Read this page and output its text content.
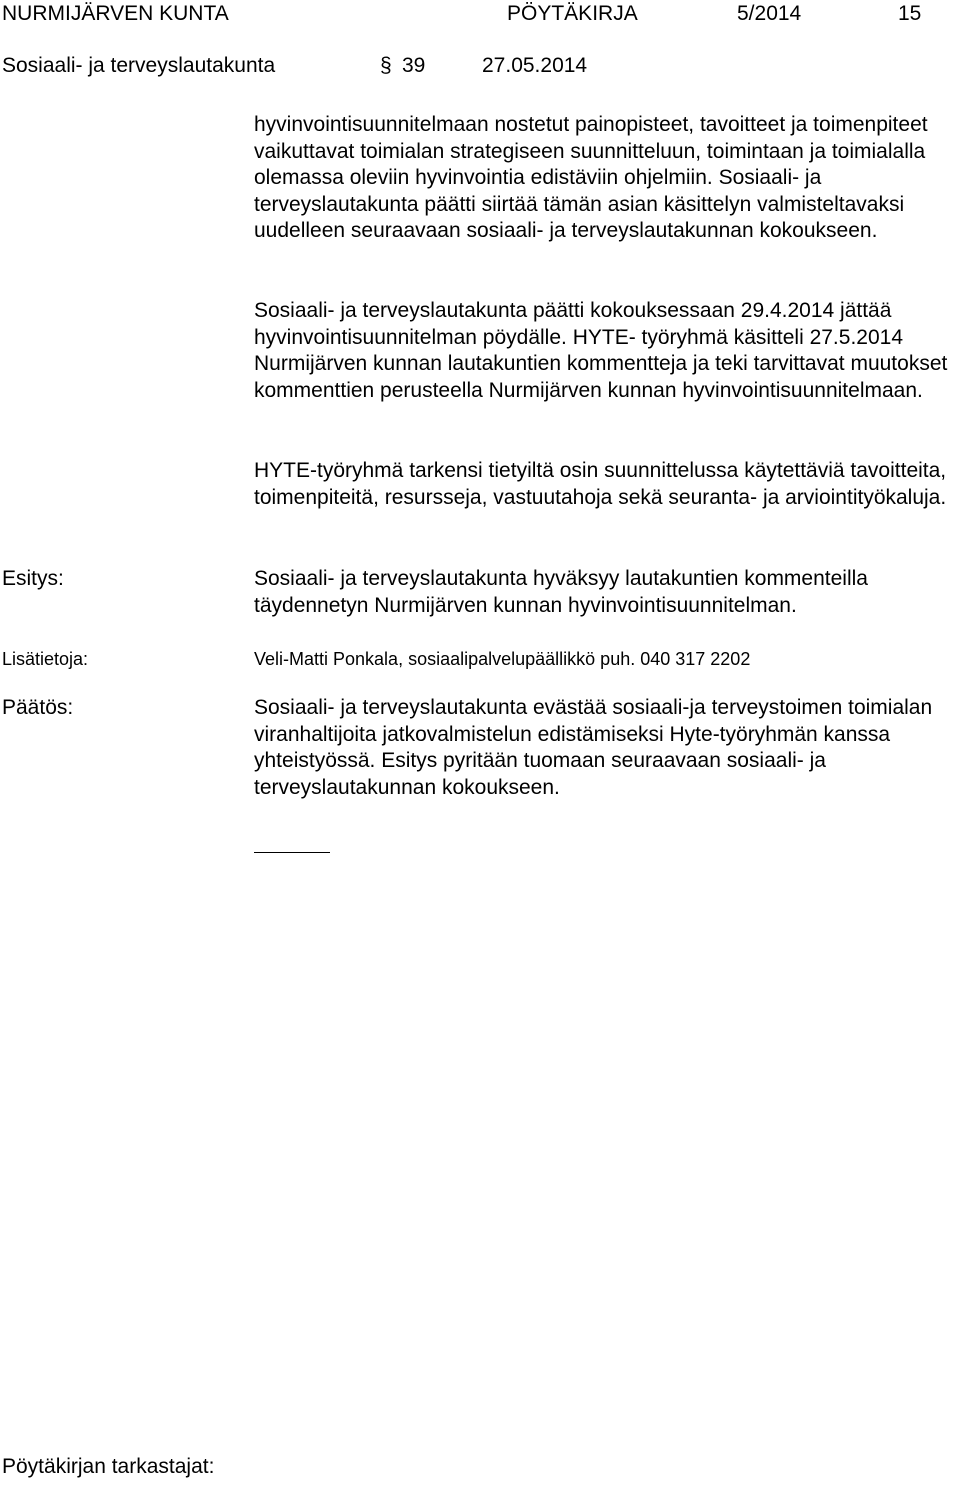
NURMIJÄRVEN KUNTA	PÖYTÄKIRJA	5/2014	15
Sosiaali- ja terveyslautakunta	§ 39	27.05.2014

hyvinvointisuunnitelmaan nostetut painopisteet, tavoitteet ja toimenpiteet vaikuttavat toimialan strategiseen suunnitteluun, toimintaan ja toimialalla olemassa oleviin hyvinvointia edistäviin ohjelmiin. Sosiaali- ja terveyslautakunta päätti siirtää tämän asian käsittelyn valmisteltavaksi uudelleen seuraavaan sosiaali- ja terveyslautakunnan kokoukseen.

Sosiaali- ja terveyslautakunta päätti kokouksessaan 29.4.2014 jättää hyvinvointisuunnitelman pöydälle. HYTE- työryhmä käsitteli 27.5.2014 Nurmijärven kunnan lautakuntien kommentteja ja teki tarvittavat muutokset kommenttien perusteella Nurmijärven kunnan hyvinvointisuunnitelmaan.

HYTE-työryhmä tarkensi tietyiltä osin suunnittelussa käytettäviä tavoitteita, toimenpiteitä, resursseja, vastuutahoja sekä seuranta- ja arviointityökaluja.

Esitys:	Sosiaali- ja terveyslautakunta hyväksyy lautakuntien kommenteilla täydennetyn Nurmijärven kunnan hyvinvointisuunnitelman.

Lisätietoja:	Veli-Matti Ponkala, sosiaalipalvelupäällikkö puh. 040 317 2202
Päätös:	Sosiaali- ja terveyslautakunta evästää sosiaali-ja terveystoimen toimialan viranhaltijoita jatkovalmistelun edistämiseksi Hyte-työryhmän kanssa yhteistyössä. Esitys pyritään tuomaan seuraavaan sosiaali- ja terveyslautakunnan kokoukseen.

Pöytäkirjan tarkastajat:
